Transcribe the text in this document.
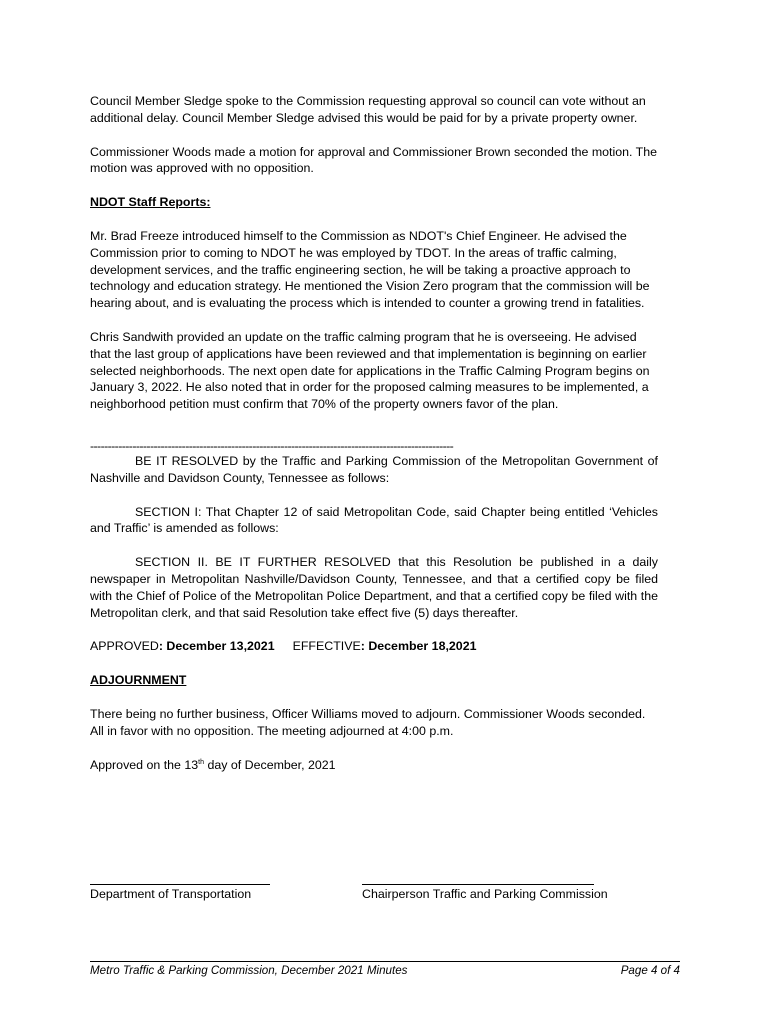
Council Member Sledge spoke to the Commission requesting approval so council can vote without an additional delay. Council Member Sledge advised this would be paid for by a private property owner.

Commissioner Woods made a motion for approval and Commissioner Brown seconded the motion. The motion was approved with no opposition.

NDOT Staff Reports:

Mr. Brad Freeze introduced himself to the Commission as NDOT's Chief Engineer. He advised the Commission prior to coming to NDOT he was employed by TDOT. In the areas of traffic calming, development services, and the traffic engineering section, he will be taking a proactive approach to technology and education strategy. He mentioned the Vision Zero program that the commission will be hearing about, and is evaluating the process which is intended to counter a growing trend in fatalities.

Chris Sandwith provided an update on the traffic calming program that he is overseeing. He advised that the last group of applications have been reviewed and that implementation is beginning on earlier selected neighborhoods. The next open date for applications in the Traffic Calming Program begins on January 3, 2022. He also noted that in order for the proposed calming measures to be implemented, a neighborhood petition must confirm that 70% of the property owners favor of the plan.

-------------------------------------------------------------------------------------------------------

BE IT RESOLVED by the Traffic and Parking Commission of the Metropolitan Government of Nashville and Davidson County, Tennessee as follows:

SECTION I: That Chapter 12 of said Metropolitan Code, said Chapter being entitled ‘Vehicles and Traffic’ is amended as follows:

SECTION II. BE IT FURTHER RESOLVED that this Resolution be published in a daily newspaper in Metropolitan Nashville/Davidson County, Tennessee, and that a certified copy be filed with the Chief of Police of the Metropolitan Police Department, and that a certified copy be filed with the Metropolitan clerk, and that said Resolution take effect five (5) days thereafter.

APPROVED: December 13,2021 EFFECTIVE: December 18,2021

ADJOURNMENT

There being no further business, Officer Williams moved to adjourn. Commissioner Woods seconded. All in favor with no opposition. The meeting adjourned at 4:00 p.m.

Approved on the 13th day of December, 2021

Department of Transportation	Chairperson Traffic and Parking Commission
Metro Traffic & Parking Commission, December 2021 Minutes	Page 4 of 4
